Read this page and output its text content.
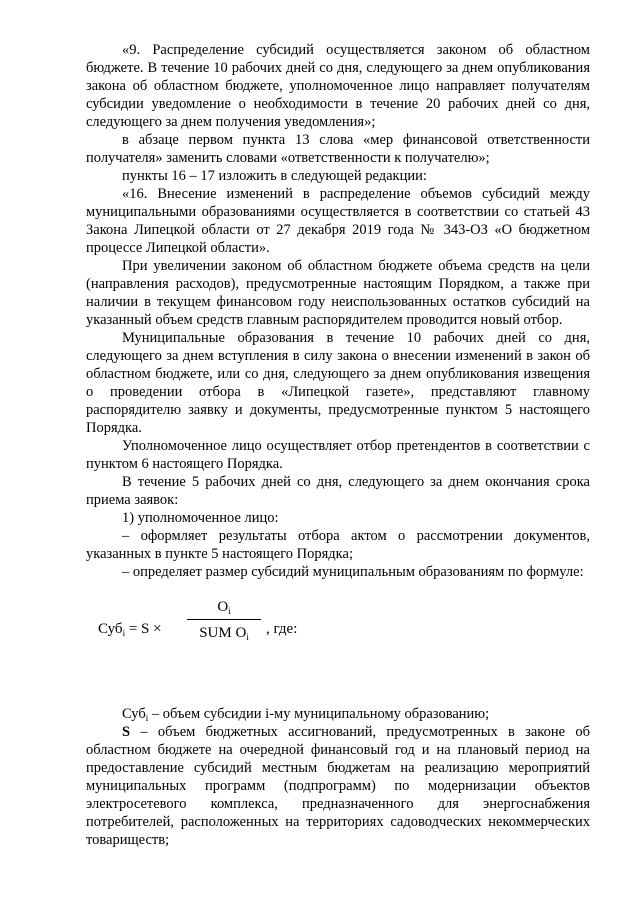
«9. Распределение субсидий осуществляется законом об областном бюджете. В течение 10 рабочих дней со дня, следующего за днем опубликования закона об областном бюджете, уполномоченное лицо направляет получателям субсидии уведомление о необходимости в течение 20 рабочих дней со дня, следующего за днем получения уведомления»;

в абзаце первом пункта 13 слова «мер финансовой ответственности получателя» заменить словами «ответственности к получателю»;

пункты 16 – 17 изложить в следующей редакции:

«16. Внесение изменений в распределение объемов субсидий между муниципальными образованиями осуществляется в соответствии со статьей 43 Закона Липецкой области от 27 декабря 2019 года № 343-ОЗ «О бюджетном процессе Липецкой области».

При увеличении законом об областном бюджете объема средств на цели (направления расходов), предусмотренные настоящим Порядком, а также при наличии в текущем финансовом году неиспользованных остатков субсидий на указанный объем средств главным распорядителем проводится новый отбор.

Муниципальные образования в течение 10 рабочих дней со дня, следующего за днем вступления в силу закона о внесении изменений в закон об областном бюджете, или со дня, следующего за днем опубликования извещения о проведении отбора в «Липецкой газете», представляют главному распорядителю заявку и документы, предусмотренные пунктом 5 настоящего Порядка.

Уполномоченное лицо осуществляет отбор претендентов в соответствии с пунктом 6 настоящего Порядка.

В течение 5 рабочих дней со дня, следующего за днем окончания срока приема заявок:

1) уполномоченное лицо:

– оформляет результаты отбора актом о рассмотрении документов, указанных в пункте 5 настоящего Порядка;

– определяет размер субсидий муниципальным образованиям по формуле:

Суб$_i$ = S ×
$O_i$
SUM $O_i$	, где:

Суб$_i$ – объем субсидии i-му муниципальному образованию;

S – объем бюджетных ассигнований, предусмотренных в законе об областном бюджете на очередной финансовый год и на плановый период на предоставление субсидий местным бюджетам на реализацию мероприятий муниципальных программ (подпрограмм) по модернизации объектов электросетевого комплекса, предназначенного для энергоснабжения потребителей, расположенных на территориях садоводческих некоммерческих товариществ;
